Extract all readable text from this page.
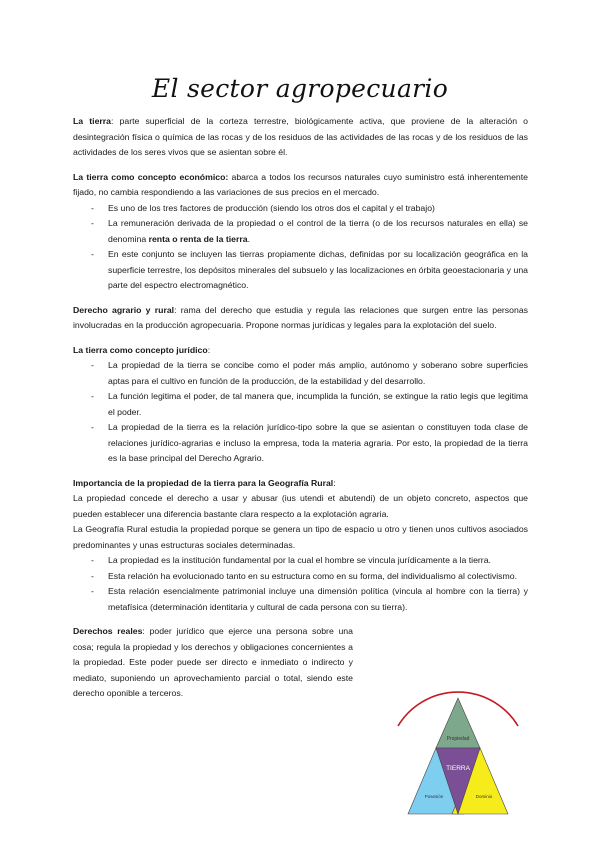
El sector agropecuario

La tierra: parte superficial de la corteza terrestre, biológicamente activa, que proviene de la alteración o desintegración física o química de las rocas y de los residuos de las actividades de las rocas y de los residuos de las actividades de los seres vivos que se asientan sobre él.

La tierra como concepto económico: abarca a todos los recursos naturales cuyo suministro está inherentemente fijado, no cambia respondiendo a las variaciones de sus precios en el mercado.

- Es uno de los tres factores de producción (siendo los otros dos el capital y el trabajo)
- La remuneración derivada de la propiedad o el control de la tierra (o de los recursos naturales en ella) se denomina renta o renta de la tierra.
- En este conjunto se incluyen las tierras propiamente dichas, definidas por su localización geográfica en la superficie terrestre, los depósitos minerales del subsuelo y las localizaciones en órbita geoestacionaria y una parte del espectro electromagnético.

Derecho agrario y rural: rama del derecho que estudia y regula las relaciones que surgen entre las personas involucradas en la producción agropecuaria. Propone normas jurídicas y legales para la explotación del suelo.

La tierra como concepto jurídico:

- La propiedad de la tierra se concibe como el poder más amplio, autónomo y soberano sobre superficies aptas para el cultivo en función de la producción, de la estabilidad y del desarrollo.
- La función legitima el poder, de tal manera que, incumplida la función, se extingue la ratio legis que legitima el poder.
- La propiedad de la tierra es la relación jurídico-tipo sobre la que se asientan o constituyen toda clase de relaciones jurídico-agrarias e incluso la empresa, toda la materia agraria. Por esto, la propiedad de la tierra es la base principal del Derecho Agrario.

Importancia de la propiedad de la tierra para la Geografía Rural:

La propiedad concede el derecho a usar y abusar (ius utendi et abutendi) de un objeto concreto, aspectos que pueden establecer una diferencia bastante clara respecto a la explotación agraria.

La Geografía Rural estudia la propiedad porque se genera un tipo de espacio u otro y tienen unos cultivos asociados predominantes y unas estructuras sociales determinadas.

- La propiedad es la institución fundamental por la cual el hombre se vincula jurídicamente a la tierra.
- Esta relación ha evolucionado tanto en su estructura como en su forma, del individualismo al colectivismo.
- Esta relación esencialmente patrimonial incluye una dimensión política (vincula al hombre con la tierra) y metafísica (determinación identitaria y cultural de cada persona con su tierra).

Derechos reales: poder jurídico que ejerce una persona sobre una cosa; regula la propiedad y los derechos y obligaciones concernientes a la propiedad. Este poder puede ser directo e inmediato o indirecto y mediato, suponiendo un aprovechamiento parcial o total, siendo este derecho oponible a terceros.

Propiedad
TIERRA
Posesión	Dominio
